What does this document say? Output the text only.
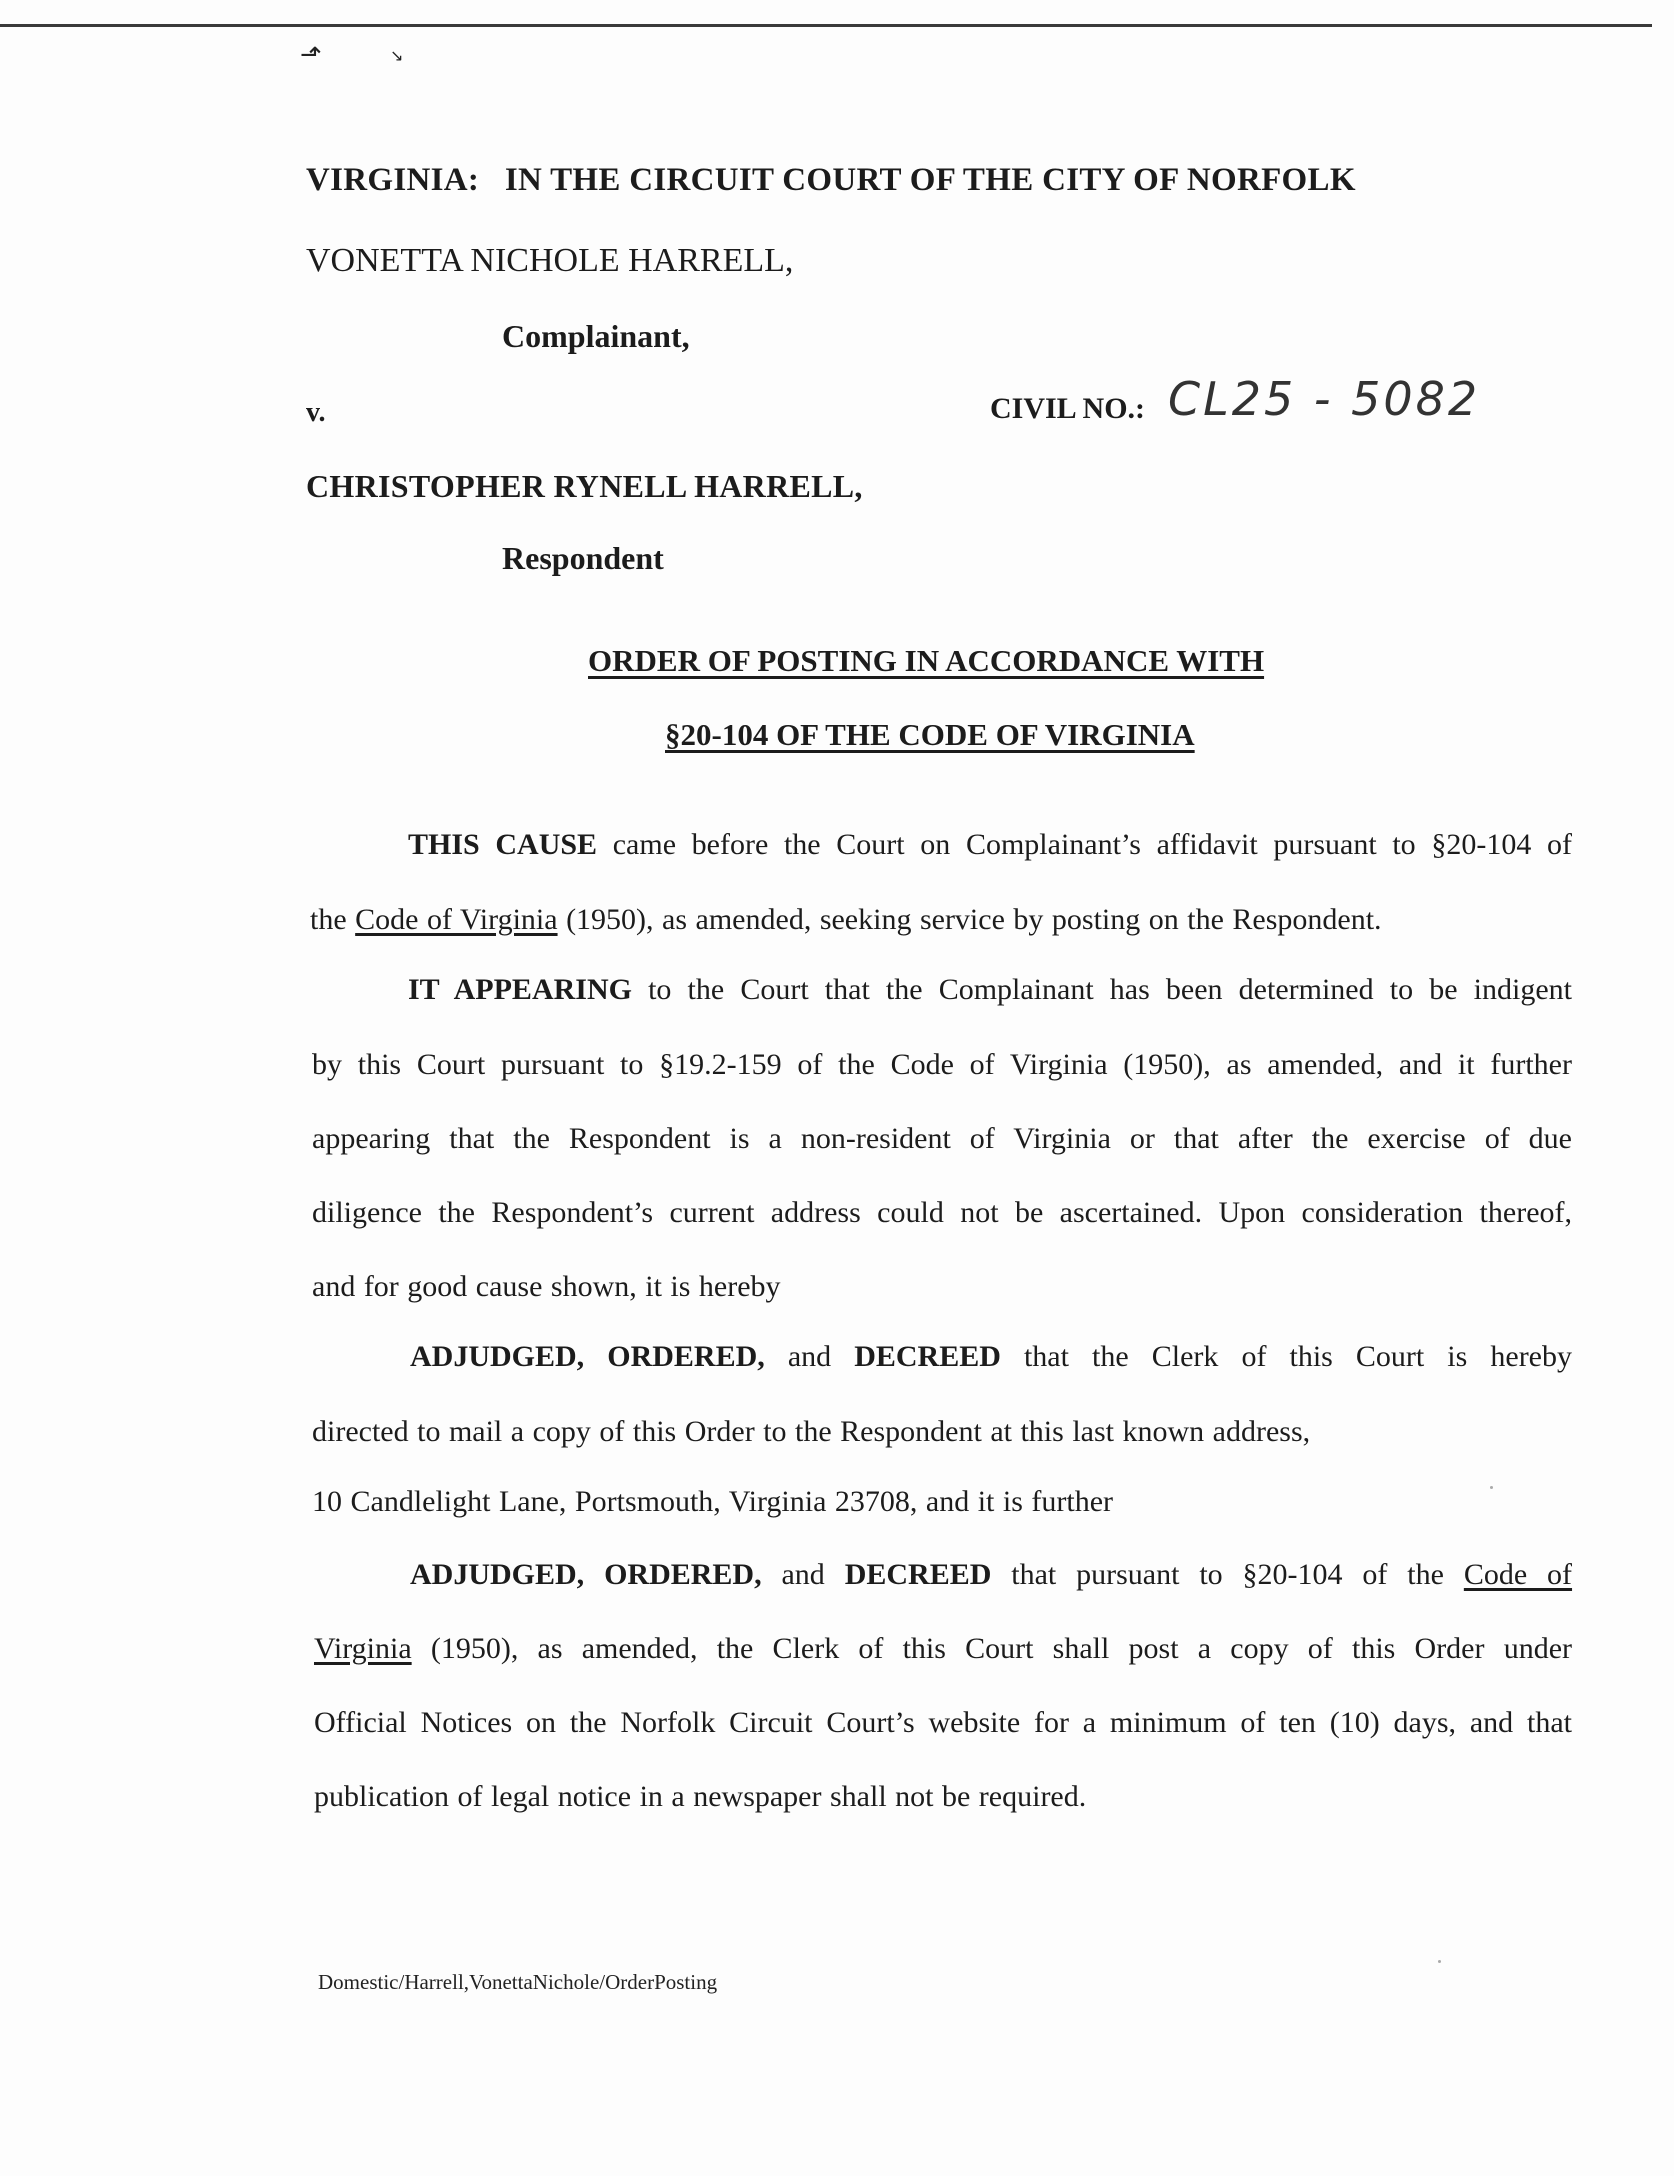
⬏	↘
VIRGINIA:   IN THE CIRCUIT COURT OF THE CITY OF NORFOLK
VONETTA NICHOLE HARRELL,
Complainant,
v.	CIVIL NO.: CL25 - 5082
CHRISTOPHER RYNELL HARRELL,
Respondent
ORDER OF POSTING IN ACCORDANCE WITH
§20-104 OF THE CODE OF VIRGINIA
THIS CAUSE came before the Court on Complainant’s affidavit pursuant to §20-104 of
the Code of Virginia (1950), as amended, seeking service by posting on the Respondent.
IT APPEARING to the Court that the Complainant has been determined to be indigent
by this Court pursuant to §19.2-159 of the Code of Virginia (1950), as amended, and it further
appearing that the Respondent is a non-resident of Virginia or that after the exercise of due
diligence the Respondent’s current address could not be ascertained. Upon consideration thereof,
and for good cause shown, it is hereby
ADJUDGED, ORDERED, and DECREED that the Clerk of this Court is hereby
directed to mail a copy of this Order to the Respondent at this last known address,
10 Candlelight Lane, Portsmouth, Virginia 23708, and it is further
ADJUDGED, ORDERED, and DECREED that pursuant to §20-104 of the Code of
Virginia (1950), as amended, the Clerk of this Court shall post a copy of this Order under
Official Notices on the Norfolk Circuit Court’s website for a minimum of ten (10) days, and that
publication of legal notice in a newspaper shall not be required.
Domestic/Harrell,VonettaNichole/OrderPosting
